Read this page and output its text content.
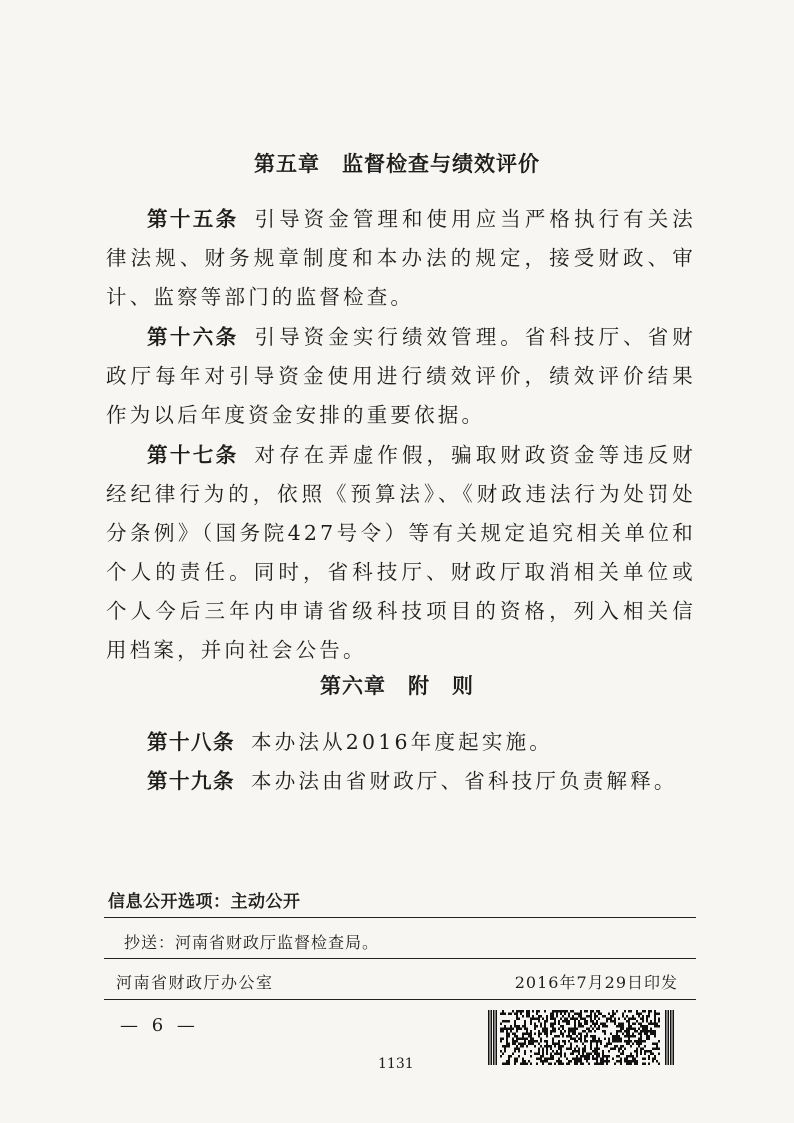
第五章　监督检查与绩效评价

第十五条 引导资金管理和使用应当严格执行有关法律法规、财务规章制度和本办法的规定，接受财政、审计、监察等部门的监督检查。

第十六条 引导资金实行绩效管理。省科技厅、省财政厅每年对引导资金使用进行绩效评价，绩效评价结果作为以后年度资金安排的重要依据。

第十七条 对存在弄虚作假，骗取财政资金等违反财经纪律行为的，依照《预算法》、《财政违法行为处罚处分条例》（国务院427号令）等有关规定追究相关单位和个人的责任。同时，省科技厅、财政厅取消相关单位或个人今后三年内申请省级科技项目的资格，列入相关信用档案，并向社会公告。

第六章　附　则

第十八条 本办法从2016年度起实施。

第十九条 本办法由省财政厅、省科技厅负责解释。

信息公开选项：主动公开
抄送：河南省财政厅监督检查局。
河南省财政厅办公室	2016年7月29日印发
— 6 —
1131
